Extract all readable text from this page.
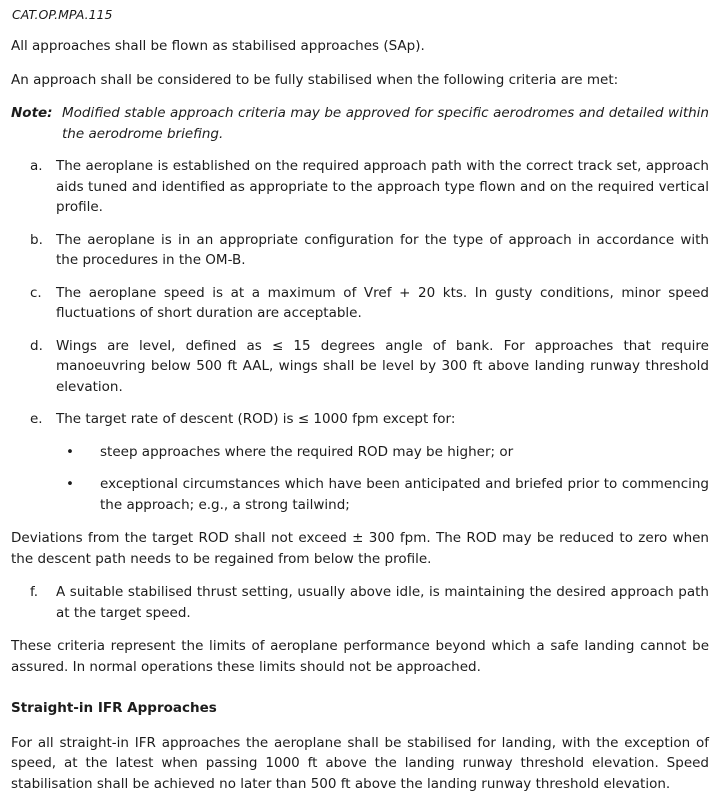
CAT.OP.MPA.115

All approaches shall be flown as stabilised approaches (SAp).

An approach shall be considered to be fully stabilised when the following criteria are met:

Note: Modified stable approach criteria may be approved for specific aerodromes and detailed within the aerodrome briefing.
a. The aeroplane is established on the required approach path with the correct track set, approach aids tuned and identified as appropriate to the approach type flown and on the required vertical profile.
b. The aeroplane is in an appropriate configuration for the type of approach in accordance with the procedures in the OM-B.
c.	The aeroplane speed is at a maximum of Vref + 20 kts. In gusty conditions, minor speed fluctuations of short duration are acceptable.
d. Wings are level, defined as ≤ 15 degrees angle of bank. For approaches that require manoeuvring below 500 ft AAL, wings shall be level by 300 ft above landing runway threshold elevation.
e. The target rate of descent (ROD) is ≤ 1000 fpm except for:
•	steep approaches where the required ROD may be higher; or
•	exceptional circumstances which have been anticipated and briefed prior to commencing the approach; e.g., a strong tailwind;

Deviations from the target ROD shall not exceed ± 300 fpm. The ROD may be reduced to zero when the descent path needs to be regained from below the profile.

f.	A suitable stabilised thrust setting, usually above idle, is maintaining the desired approach path at the target speed.

These criteria represent the limits of aeroplane performance beyond which a safe landing cannot be assured. In normal operations these limits should not be approached.

Straight-in IFR Approaches

For all straight-in IFR approaches the aeroplane shall be stabilised for landing, with the exception of speed, at the latest when passing 1000 ft above the landing runway threshold elevation. Speed stabilisation shall be achieved no later than 500 ft above the landing runway threshold elevation.
